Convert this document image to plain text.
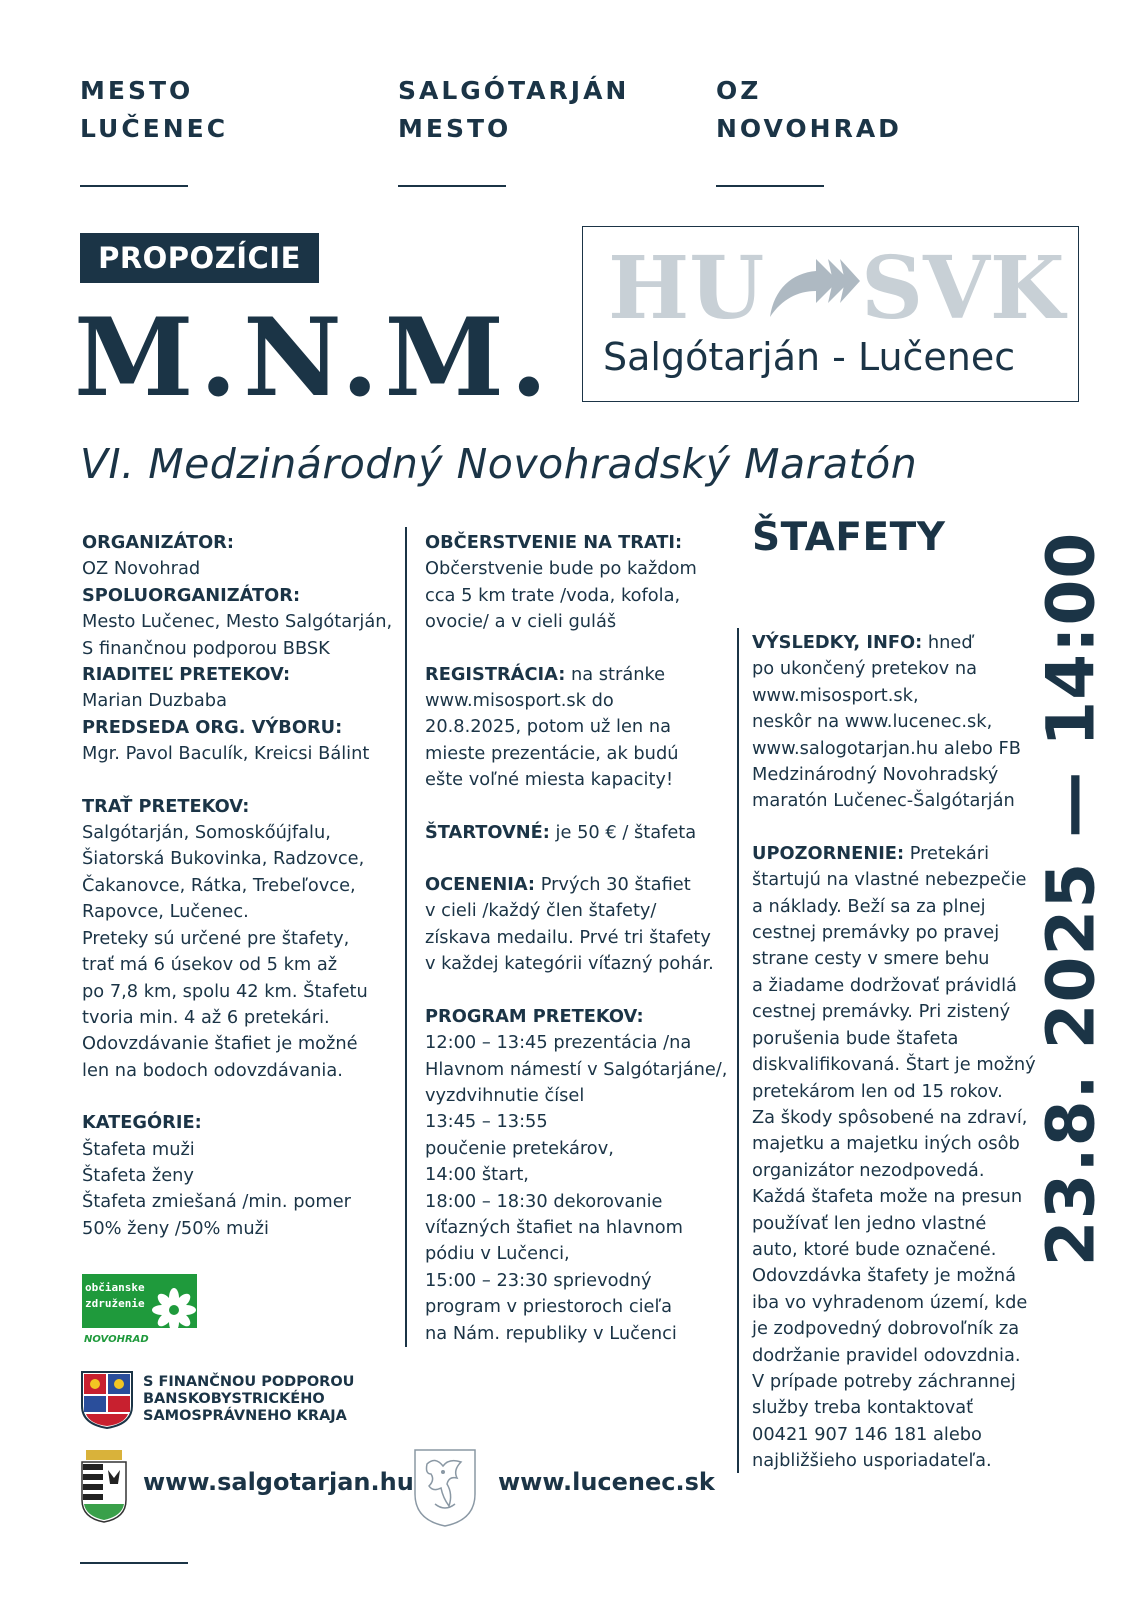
MESTO
LUČENEC
SALGÓTARJÁN
MESTO
OZ
NOVOHRAD
PROPOZÍCIE
M.N.M.
HU SVK
Salgótarján - Lučenec
VI. Medzinárodný Novohradský Maratón
ŠTAFETY 23.8. 2025 — 14:00

ORGANIZÁTOR:

OZ Novohrad

SPOLUORGANIZÁTOR:

Mesto Lučenec, Mesto Salgótarján,

S finančnou podporou BBSK

RIADITEĽ PRETEKOV:

Marian Duzbaba

PREDSEDA ORG. VÝBORU:

Mgr. Pavol Baculík, Kreicsi Bálint

TRAŤ PRETEKOV:

Salgótarján, Somoskőújfalu,

Šiatorská Bukovinka, Radzovce,

Čakanovce, Rátka, Trebeľovce,

Rapovce, Lučenec.

Preteky sú určené pre štafety,

trať má 6 úsekov od 5 km až

po 7,8 km, spolu 42 km. Štafetu

tvoria min. 4 až 6 pretekári.

Odovzdávanie štafiet je možné

len na bodoch odovzdávania.

KATEGÓRIE:

Štafeta muži

Štafeta ženy

Štafeta zmiešaná /min. pomer

50% ženy /50% muži

OBČERSTVENIE NA TRATI:

Občerstvenie bude po každom

cca 5 km trate /voda, kofola,

ovocie/ a v cieli guláš

REGISTRÁCIA: na stránke

www.misosport.sk do

20.8.2025, potom už len na

mieste prezentácie, ak budú

ešte voľné miesta kapacity!

ŠTARTOVNÉ: je 50 € / štafeta

OCENENIA: Prvých 30 štafiet

v cieli /každý člen štafety/

získava medailu. Prvé tri štafety

v každej kategórii víťazný pohár.

PROGRAM PRETEKOV:

12:00 – 13:45 prezentácia /na

Hlavnom námestí v Salgótarjáne/,

vyzdvihnutie čísel

13:45 – 13:55

poučenie pretekárov,

14:00 štart,

18:00 – 18:30 dekorovanie

víťazných štafiet na hlavnom

pódiu v Lučenci,

15:00 – 23:30 sprievodný

program v priestoroch cieľa

na Nám. republiky v Lučenci

VÝSLEDKY, INFO: hneď

po ukončený pretekov na

www.misosport.sk,

neskôr na www.lucenec.sk,

www.salogotarjan.hu alebo FB

Medzinárodný Novohradský

maratón Lučenec-Šalgótarján

UPOZORNENIE: Pretekári

štartujú na vlastné nebezpečie

a náklady. Beží sa za plnej

cestnej premávky po pravej

strane cesty v smere behu

a žiadame dodržovať právidlá

cestnej premávky. Pri zistený

porušenia bude štafeta

diskvalifikovaná. Štart je možný

pretekárom len od 15 rokov.

Za škody spôsobené na zdraví,

majetku a majetku iných osôb

organizátor nezodpovedá.

Každá štafeta može na presun

používať len jedno vlastné

auto, ktoré bude označené.

Odovzdávka štafety je možná

iba vo vyhradenom území, kde

je zodpovedný dobrovoľník za

dodržanie pravidel odovzdnia.

V prípade potreby záchrannej

služby treba kontaktovať

00421 907 146 181 alebo

najbližšieho usporiadateľa.

občianske
združenie
NOVOHRAD
S FINANČNOU PODPOROU
BANSKOBYSTRICKÉHO
SAMOSPRÁVNEHO KRAJA
www.salgotarjan.hu	www.lucenec.sk
